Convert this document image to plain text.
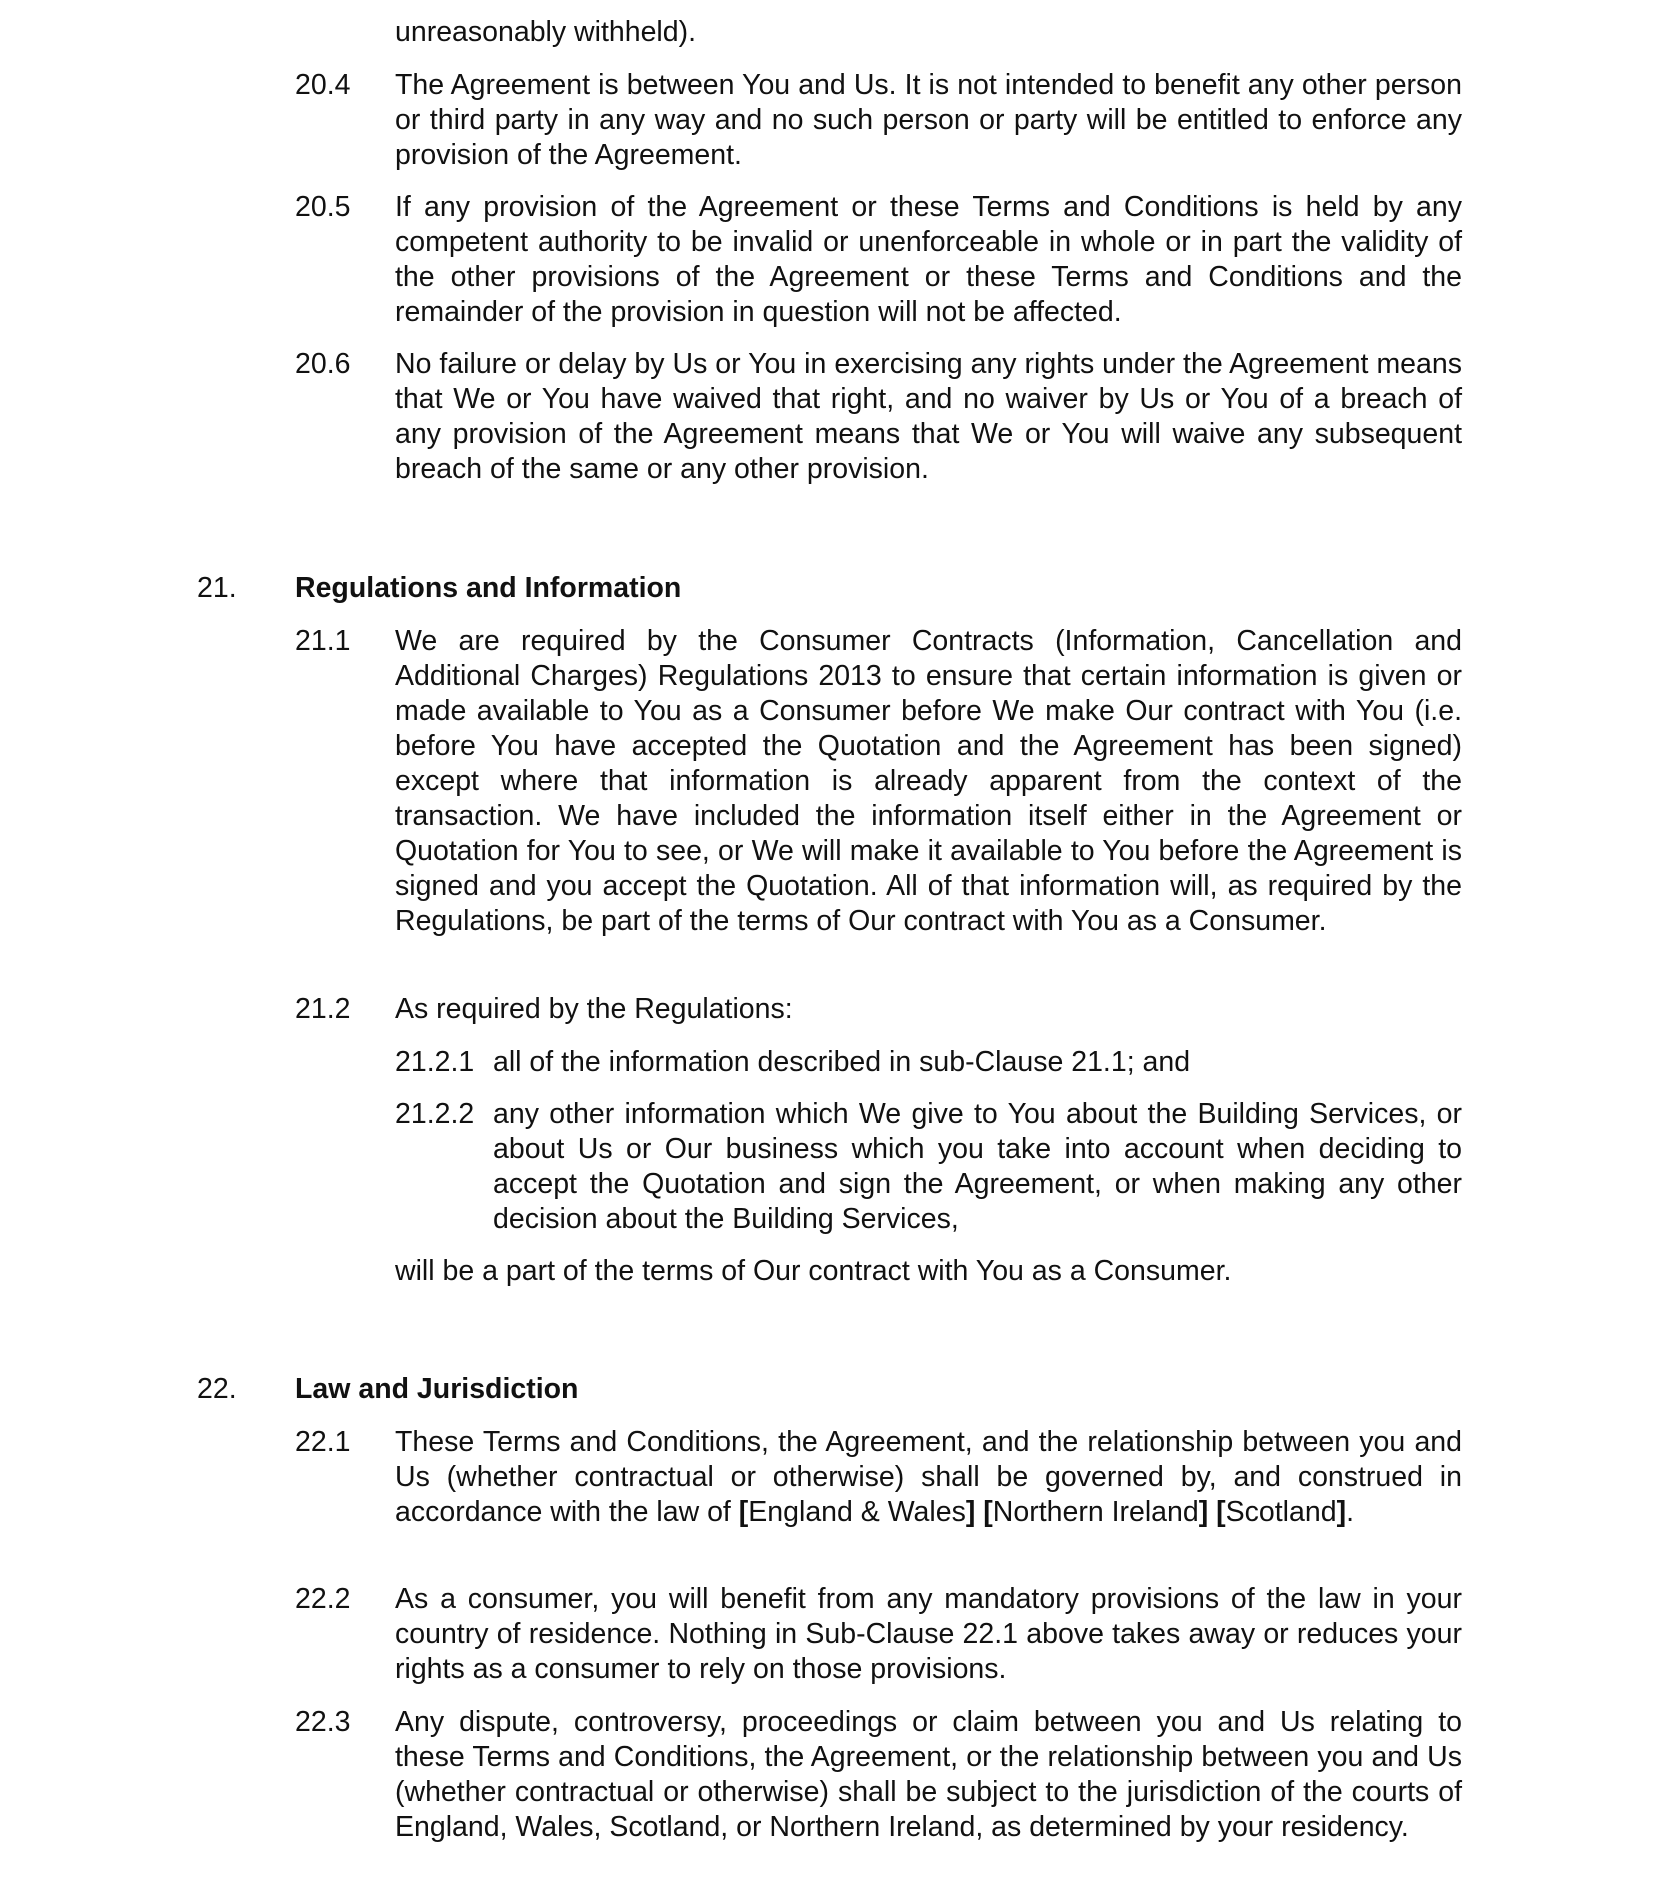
unreasonably withheld).
20.4 The Agreement is between You and Us. It is not intended to benefit any other person or third party in any way and no such person or party will be entitled to enforce any provision of the Agreement.
20.5 If any provision of the Agreement or these Terms and Conditions is held by any competent authority to be invalid or unenforceable in whole or in part the validity of the other provisions of the Agreement or these Terms and Conditions and the remainder of the provision in question will not be affected.
20.6 No failure or delay by Us or You in exercising any rights under the Agreement means that We or You have waived that right, and no waiver by Us or You of a breach of any provision of the Agreement means that We or You will waive any subsequent breach of the same or any other provision.
21. Regulations and Information
21.1 We are required by the Consumer Contracts (Information, Cancellation and Additional Charges) Regulations 2013 to ensure that certain information is given or made available to You as a Consumer before We make Our contract with You (i.e. before You have accepted the Quotation and the Agreement has been signed) except where that information is already apparent from the context of the transaction. We have included the information itself either in the Agreement or Quotation for You to see, or We will make it available to You before the Agreement is signed and you accept the Quotation. All of that information will, as required by the Regulations, be part of the terms of Our contract with You as a Consumer.
21.2 As required by the Regulations:
21.2.1 all of the information described in sub-Clause 21.1; and
21.2.2 any other information which We give to You about the Building Services, or about Us or Our business which you take into account when deciding to accept the Quotation and sign the Agreement, or when making any other decision about the Building Services,
will be a part of the terms of Our contract with You as a Consumer.
22. Law and Jurisdiction
22.1 These Terms and Conditions, the Agreement, and the relationship between you and Us (whether contractual or otherwise) shall be governed by, and construed in accordance with the law of [England & Wales] [Northern Ireland] [Scotland].
22.2 As a consumer, you will benefit from any mandatory provisions of the law in your country of residence. Nothing in Sub-Clause 22.1 above takes away or reduces your rights as a consumer to rely on those provisions.
22.3 Any dispute, controversy, proceedings or claim between you and Us relating to these Terms and Conditions, the Agreement, or the relationship between you and Us (whether contractual or otherwise) shall be subject to the jurisdiction of the courts of England, Wales, Scotland, or Northern Ireland, as determined by your residency.
